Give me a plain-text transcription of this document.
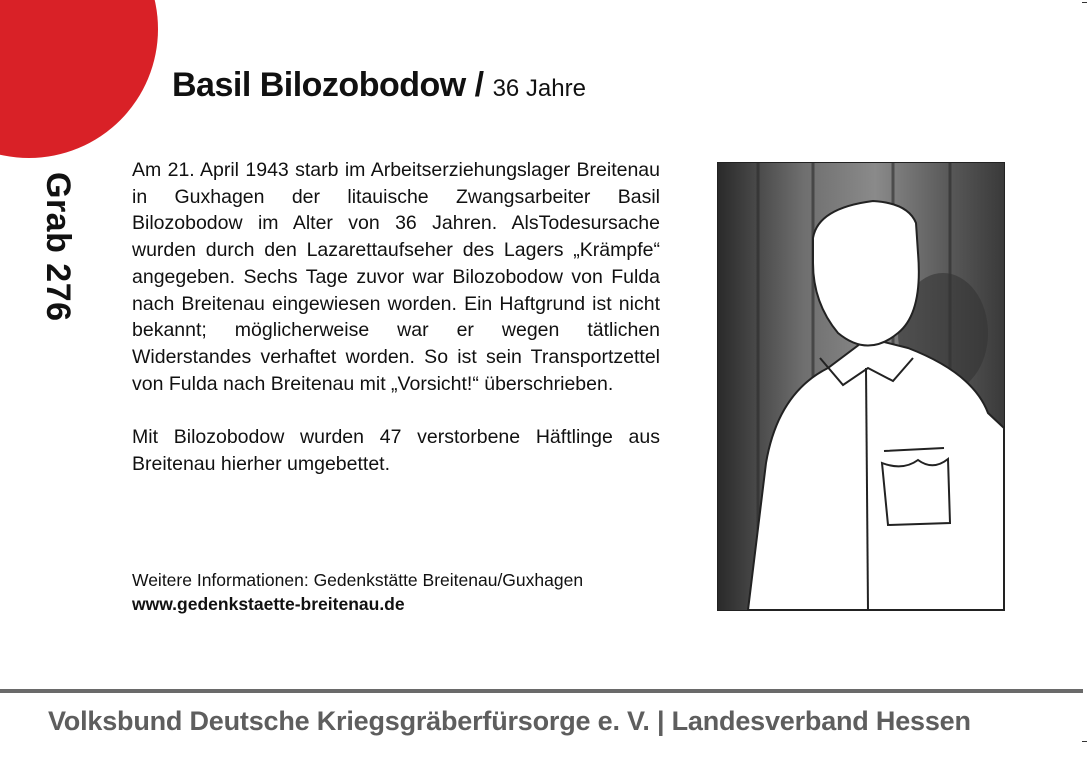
Basil Bilozobodow / 36 Jahre
Grab 276

Am 21. April 1943 starb im Arbeitserziehungslager Breitenau in Guxhagen der litauische Zwangsarbeiter Basil Bilozobodow im Alter von 36 Jahren. AlsTodesursache wurden durch den Lazarettaufseher des Lagers „Krämpfe“ angegeben. Sechs Tage zuvor war Bilozobodow von Fulda nach Breitenau eingewiesen worden. Ein Haftgrund ist nicht bekannt; möglicherweise war er wegen tätlichen Widerstandes verhaftet worden. So ist sein Transportzettel von Fulda nach Breitenau mit „Vorsicht!“ überschrieben.

Mit Bilozobodow wurden 47 verstorbene Häftlinge aus Breitenau hierher umgebettet.

Weitere Informationen: Gedenkstätte Breitenau/Guxhagen
www.gedenkstaette-breitenau.de
Volksbund Deutsche Kriegsgräberfürsorge e. V. | Landesverband Hessen
